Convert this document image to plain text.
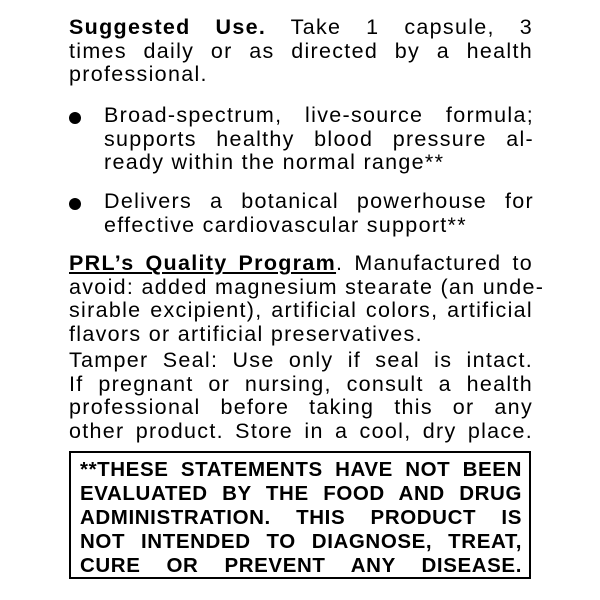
Suggested Use. Take 1 capsule, 3
times daily or as directed by a health
professional.
Broad-spectrum, live-source formula;
supports healthy blood pressure al-
ready within the normal range**
Delivers a botanical powerhouse for
effective cardiovascular support**
PRL’s Quality Program. Manufactured to
avoid: added magnesium stearate (an unde-
sirable excipient), artificial colors, artificial
flavors or artificial preservatives.
Tamper Seal: Use only if seal is intact.
If pregnant or nursing, consult a health
professional before taking this or any
other product. Store in a cool, dry place.
**THESE STATEMENTS HAVE NOT BEEN
EVALUATED BY THE FOOD AND DRUG
ADMINISTRATION. THIS PRODUCT IS
NOT INTENDED TO DIAGNOSE, TREAT,
CURE OR PREVENT ANY DISEASE.
